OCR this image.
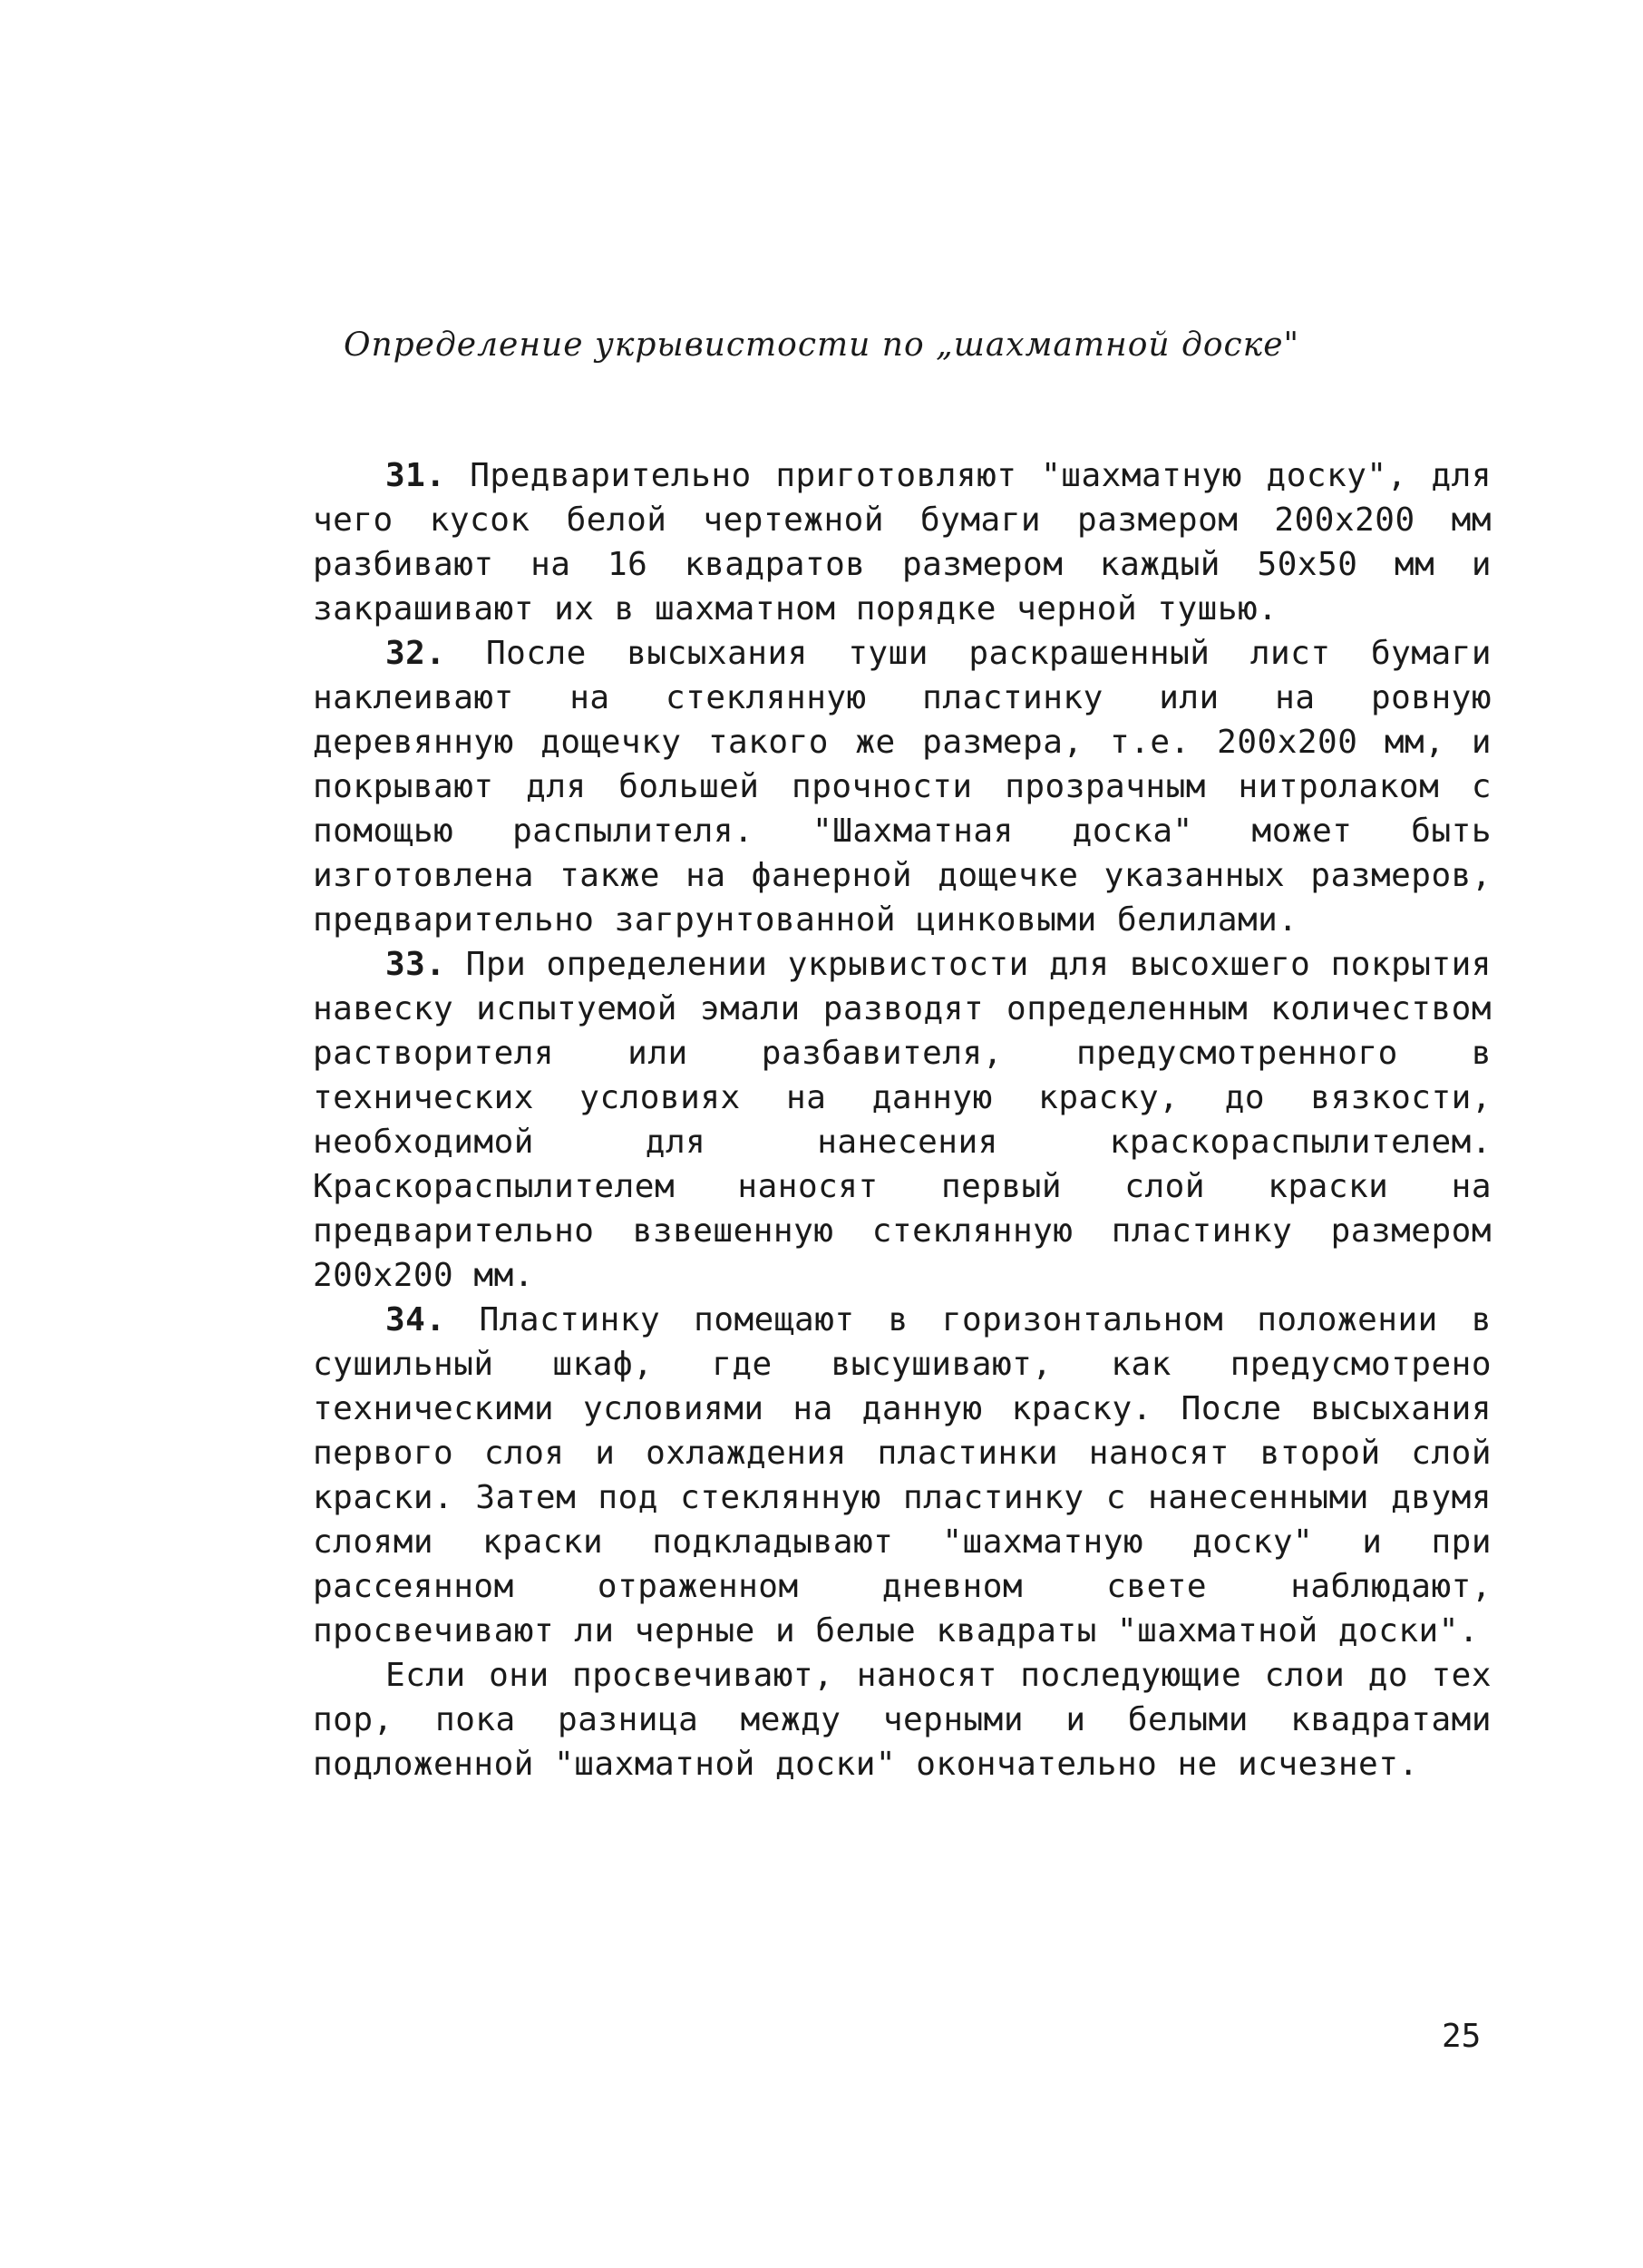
Определение укрывистости по „шахматной доске"

31. Предварительно приготовляют "шахматную доску", для чего кусок белой чертежной бумаги размером 200x200 мм разбивают на 16 квадратов размером каждый 50x50 мм и закрашивают их в шахматном порядке черной тушью.

32. После высыхания туши раскрашенный лист бумаги наклеивают на стеклянную пластинку или на ровную деревянную дощечку такого же размера, т.е. 200x200 мм, и покрывают для большей прочности прозрачным нитролаком с помощью распылителя. "Шахматная доска" может быть изготовлена также на фанерной дощечке указанных размеров, предварительно загрунтованной цинковыми белилами.

33. При определении укрывистости для высохшего покрытия навеску испытуемой эмали разводят определенным количеством растворителя или разбавителя, предусмотренного в технических условиях на данную краску, до вязкости, необходимой для нанесения краскораспылителем. Краскораспылителем наносят первый слой краски на предварительно взвешенную стеклянную пластинку размером 200x200 мм.

34. Пластинку помещают в горизонтальном положении в сушильный шкаф, где высушивают, как предусмотрено техническими условиями на данную краску. После высыхания первого слоя и охлаждения пластинки наносят второй слой краски. Затем под стеклянную пластинку с нанесенными двумя слоями краски подкладывают "шахматную доску" и при рассеянном отраженном дневном свете наблюдают, просвечивают ли черные и белые квадраты "шахматной доски".

Если они просвечивают, наносят последующие слои до тех пор, пока разница между черными и белыми квадратами подложенной "шахматной доски" окончательно не исчезнет.

25
